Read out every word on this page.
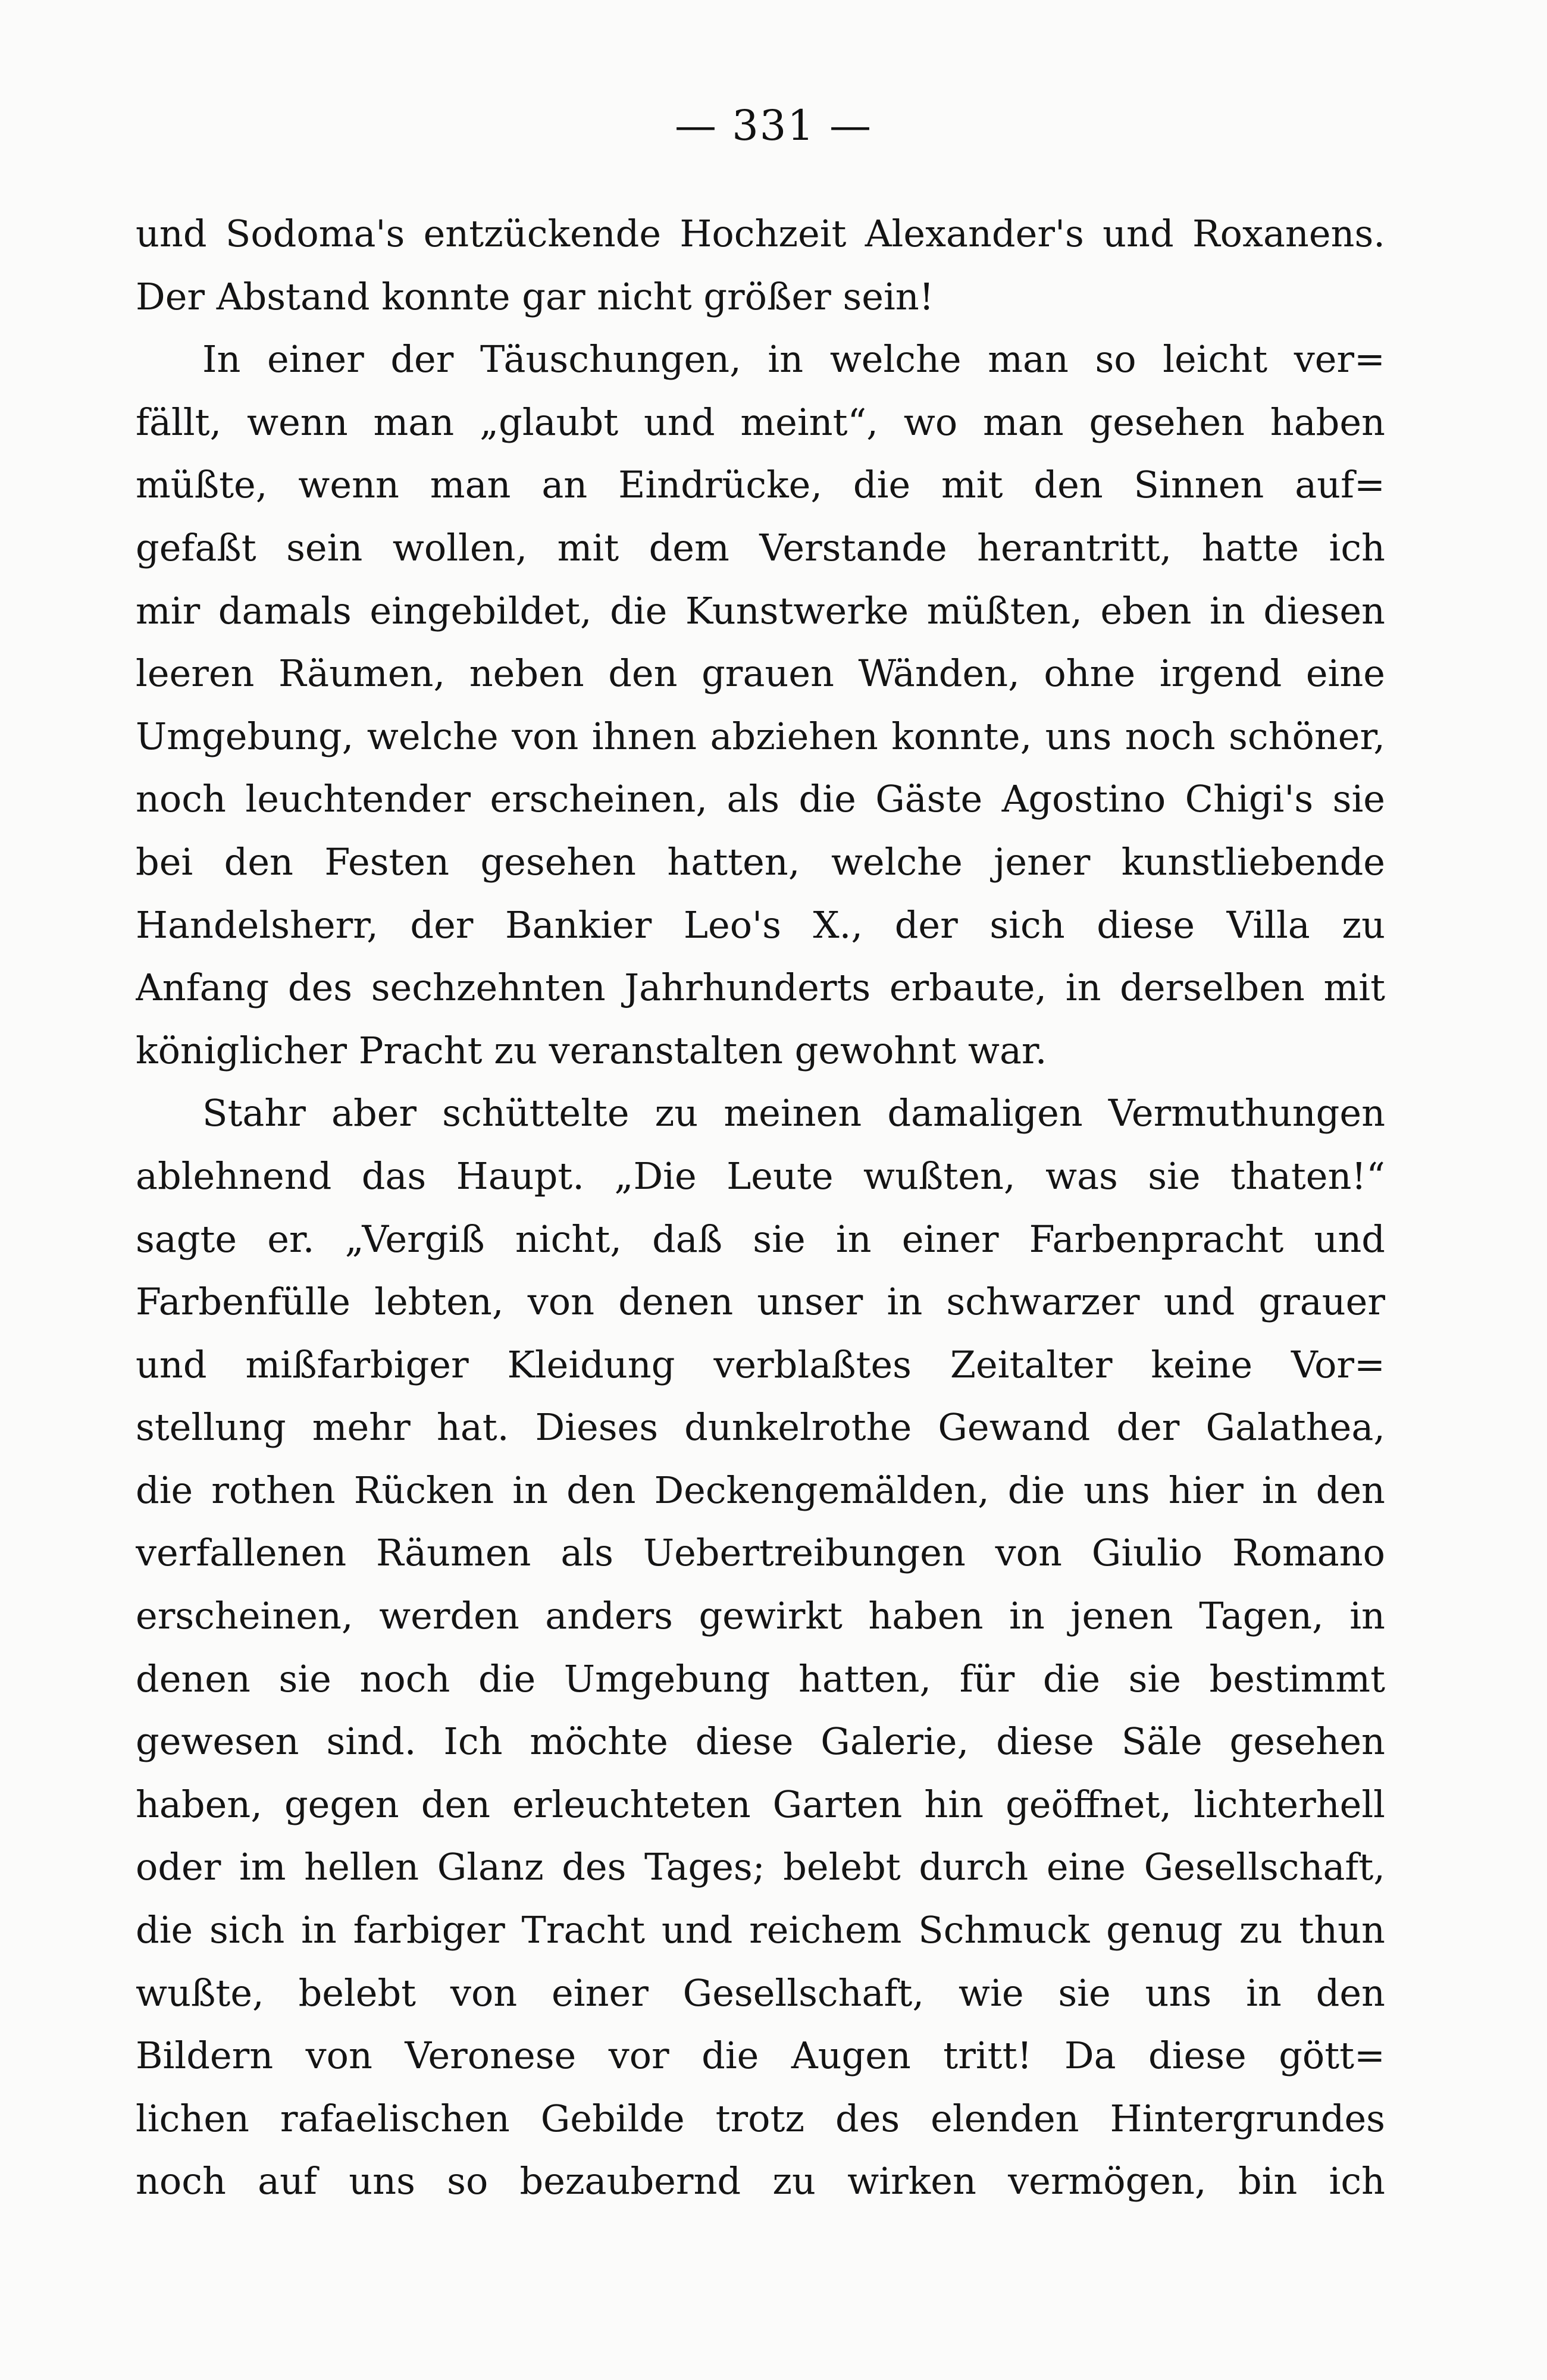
— 331 —
und Sodoma's entzückende Hochzeit Alexander's und Roxanens.
Der Abstand konnte gar nicht größer sein!
In einer der Täuschungen, in welche man so leicht ver=
fällt, wenn man „glaubt und meint“, wo man gesehen haben
müßte, wenn man an Eindrücke, die mit den Sinnen auf=
gefaßt sein wollen, mit dem Verstande herantritt, hatte ich
mir damals eingebildet, die Kunstwerke müßten, eben in diesen
leeren Räumen, neben den grauen Wänden, ohne irgend eine
Umgebung, welche von ihnen abziehen konnte, uns noch schöner,
noch leuchtender erscheinen, als die Gäste Agostino Chigi's sie
bei den Festen gesehen hatten, welche jener kunstliebende
Handelsherr, der Bankier Leo's X., der sich diese Villa zu
Anfang des sechzehnten Jahrhunderts erbaute, in derselben mit
königlicher Pracht zu veranstalten gewohnt war.
Stahr aber schüttelte zu meinen damaligen Vermuthungen
ablehnend das Haupt. „Die Leute wußten, was sie thaten!“
sagte er. „Vergiß nicht, daß sie in einer Farbenpracht und
Farbenfülle lebten, von denen unser in schwarzer und grauer
und mißfarbiger Kleidung verblaßtes Zeitalter keine Vor=
stellung mehr hat. Dieses dunkelrothe Gewand der Galathea,
die rothen Rücken in den Deckengemälden, die uns hier in den
verfallenen Räumen als Uebertreibungen von Giulio Romano
erscheinen, werden anders gewirkt haben in jenen Tagen, in
denen sie noch die Umgebung hatten, für die sie bestimmt
gewesen sind. Ich möchte diese Galerie, diese Säle gesehen
haben, gegen den erleuchteten Garten hin geöffnet, lichterhell
oder im hellen Glanz des Tages; belebt durch eine Gesellschaft,
die sich in farbiger Tracht und reichem Schmuck genug zu thun
wußte, belebt von einer Gesellschaft, wie sie uns in den
Bildern von Veronese vor die Augen tritt! Da diese gött=
lichen rafaelischen Gebilde trotz des elenden Hintergrundes
noch auf uns so bezaubernd zu wirken vermögen, bin ich
